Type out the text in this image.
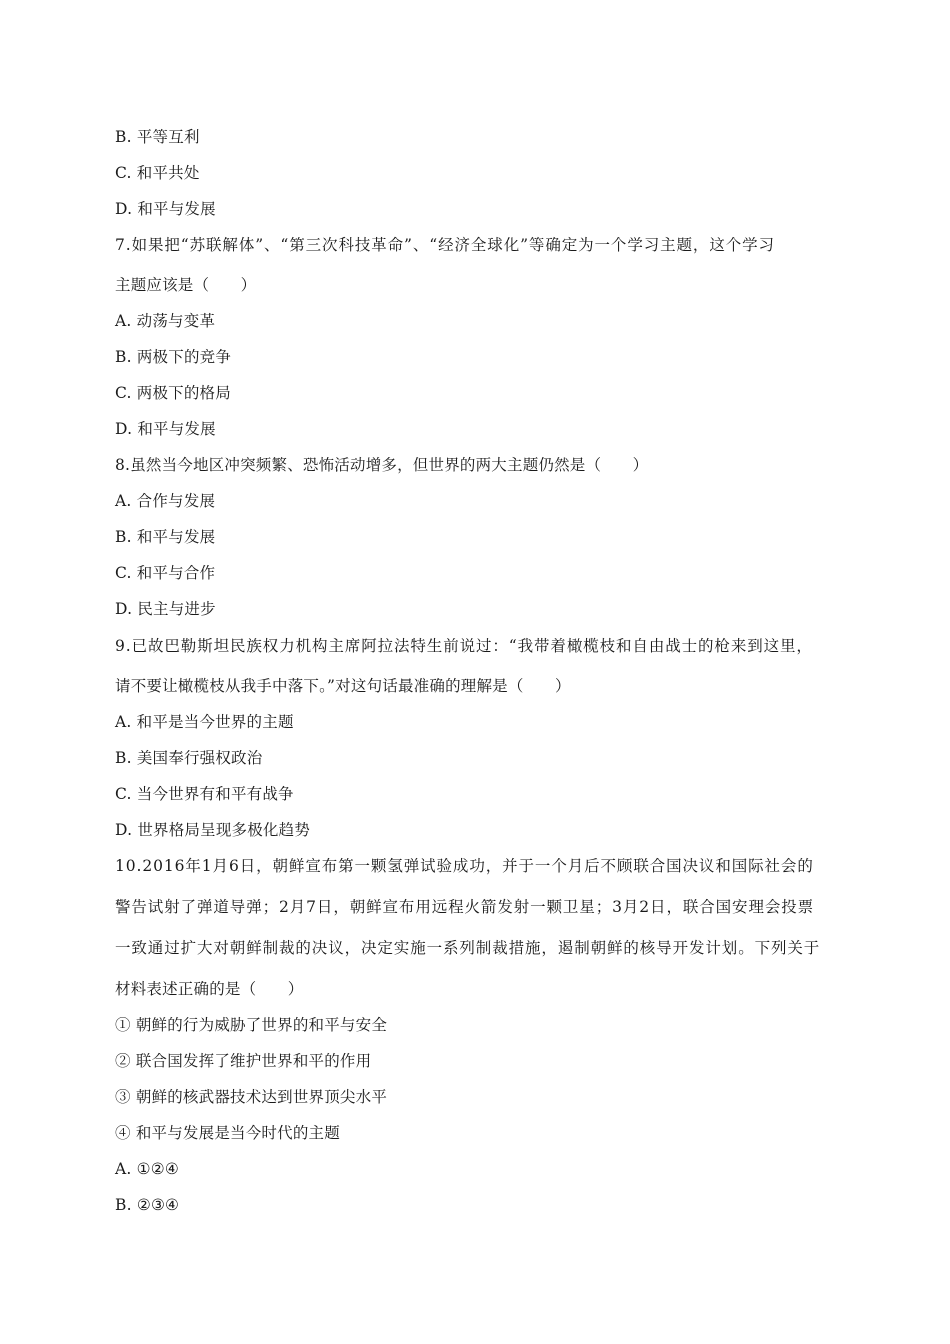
B. 平等互利
C. 和平共处
D. 和平与发展
7.如果把“苏联解体”、“第三次科技革命”、“经济全球化”等确定为一个学习主题，这个学习
主题应该是（　　）
A. 动荡与变革
B. 两极下的竞争
C. 两极下的格局
D. 和平与发展
8.虽然当今地区冲突频繁、恐怖活动增多，但世界的两大主题仍然是（　　）
A. 合作与发展
B. 和平与发展
C. 和平与合作
D. 民主与进步
9.已故巴勒斯坦民族权力机构主席阿拉法特生前说过：“我带着橄榄枝和自由战士的枪来到这里，
请不要让橄榄枝从我手中落下。”对这句话最准确的理解是（　　）
A. 和平是当今世界的主题
B. 美国奉行强权政治
C. 当今世界有和平有战争
D. 世界格局呈现多极化趋势
10.2016年1月6日，朝鲜宣布第一颗氢弹试验成功，并于一个月后不顾联合国决议和国际社会的
警告试射了弹道导弹；2月7日，朝鲜宣布用远程火箭发射一颗卫星；3月2日，联合国安理会投票
一致通过扩大对朝鲜制裁的决议，决定实施一系列制裁措施，遏制朝鲜的核导开发计划。下列关于
材料表述正确的是（　　）
① 朝鲜的行为威胁了世界的和平与安全
② 联合国发挥了维护世界和平的作用
③ 朝鲜的核武器技术达到世界顶尖水平
④ 和平与发展是当今时代的主题
A. ①②④
B. ②③④
